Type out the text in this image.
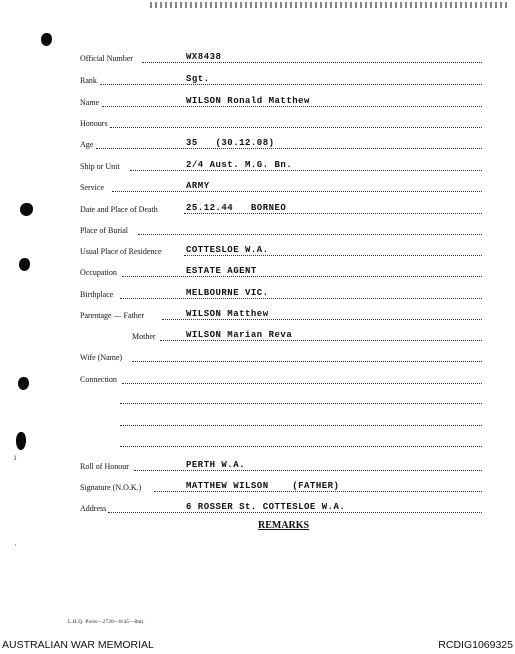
Official Number	WX8438
Rank	Sgt.
Name	WILSON Ronald Matthew
Honours
Age	35   (30.12.08)
Ship or Unit	2/4 Aust. M.G. Bn.
Service	ARMY
Date and Place of Death	25.12.44   BORNEO
Place of Burial
Usual Place of Residence	COTTESLOE W.A.
Occupation	ESTATE AGENT
Birthplace	MELBOURNE VIC.
Parentage — Father	WILSON Matthew
Mother	WILSON Marian Reva
Wife (Name)
Connection
Roll of Honour	PERTH W.A.
Signature (N.O.K.)	MATTHEW WILSON    (FATHER)
Address	6 ROSSER St. COTTESLOE W.A.
REMARKS
ı
·
L.H.Q. Press—2720—8/45—8mt.
AUSTRALIAN WAR MEMORIAL	RCDIG1069325
